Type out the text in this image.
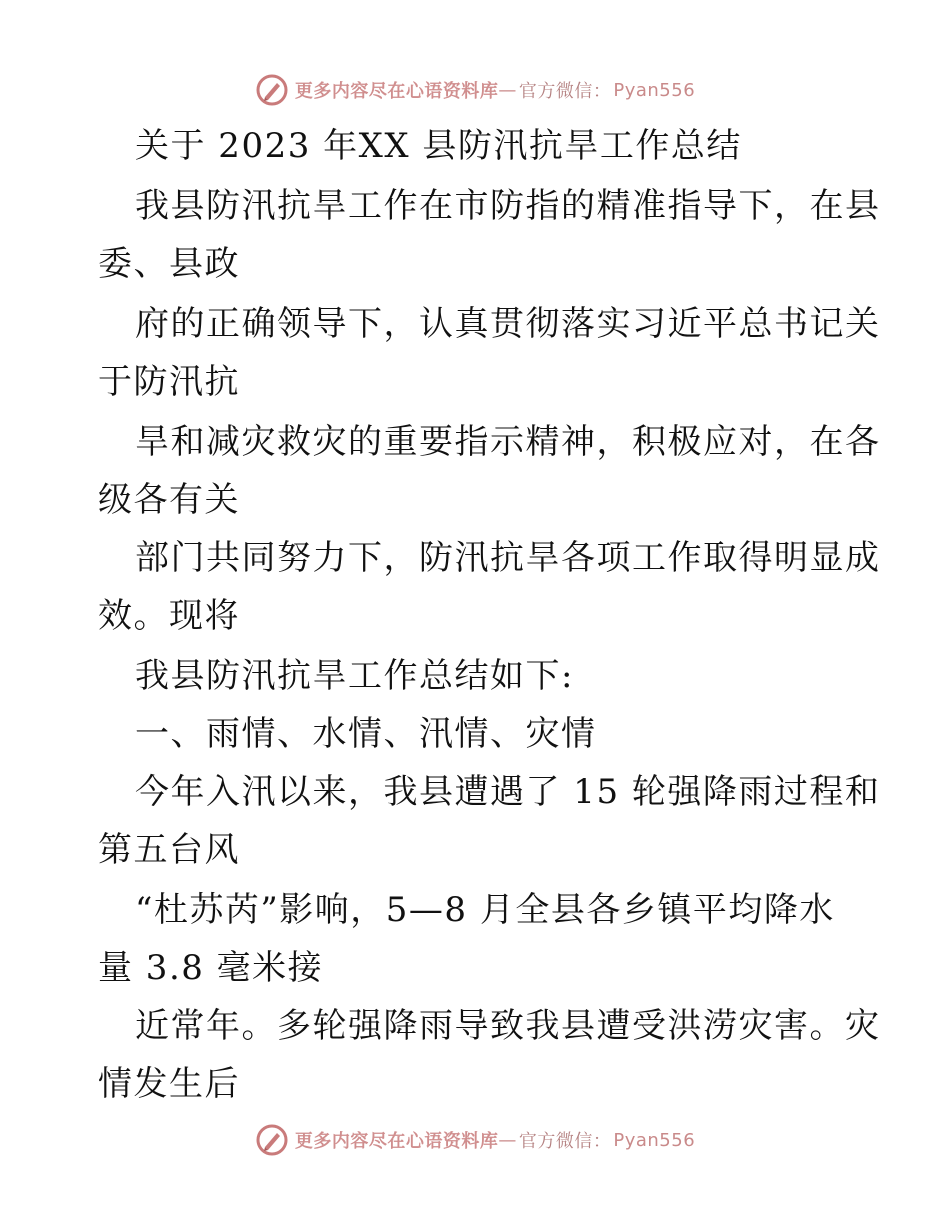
更多内容尽在心语资料库 — 官方微信： Pyan556
关于 2023 年XX 县防汛抗旱工作总结
我县防汛抗旱工作在市防指的精准指导下，在县
委、县政
府的正确领导下，认真贯彻落实习近平总书记关
于防汛抗
旱和减灾救灾的重要指示精神，积极应对，在各
级各有关
部门共同努力下，防汛抗旱各项工作取得明显成
效。现将
我县防汛抗旱工作总结如下:
一、雨情、水情、汛情、灾情
今年入汛以来，我县遭遇了 15 轮强降雨过程和
第五台风
“杜苏芮”影响，5—8 月全县各乡镇平均降水
量 3.8 毫米接
近常年。多轮强降雨导致我县遭受洪涝灾害。灾
情发生后
更多内容尽在心语资料库 — 官方微信： Pyan556
